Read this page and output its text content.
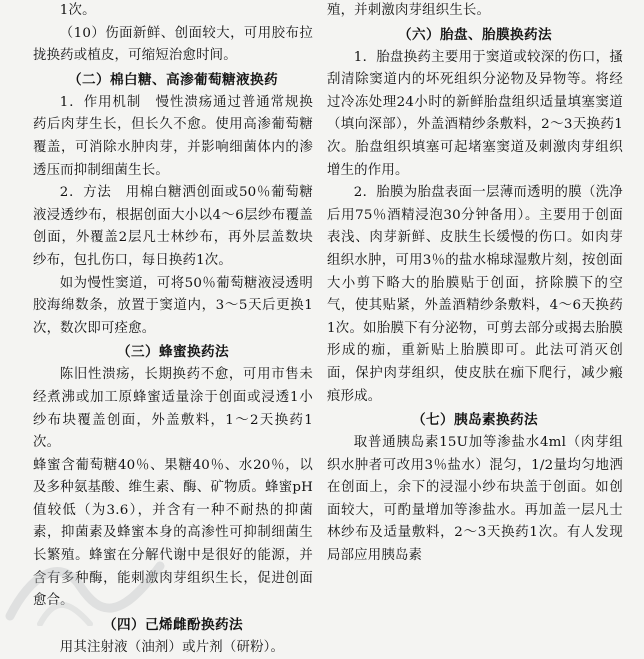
1次。

（10）伤面新鲜、创面较大，可用胶布拉拢换药或植皮，可缩短治愈时间。

（二）棉白糖、高渗葡萄糖液换药

1．作用机制　慢性溃疡通过普通常规换药后肉芽生长，但长久不愈。使用高渗葡萄糖覆盖，可消除水肿肉芽，并影响细菌体内的渗透压而抑制细菌生长。

2．方法　用棉白糖洒创面或50％葡萄糖液浸透纱布，根据创面大小以4～6层纱布覆盖创面，外覆盖2层凡士林纱布，再外层盖数块纱布，包扎伤口，每日换药1次。

如为慢性窦道，可将50％葡萄糖液浸透明胶海绵数条，放置于窦道内，3～5天后更换1次，数次即可痊愈。

（三）蜂蜜换药法

陈旧性溃疡，长期换药不愈，可用市售未经煮沸或加工原蜂蜜适量涂于创面或浸透1小纱布块覆盖创面，外盖敷料，1～2天换药1次。

蜂蜜含葡萄糖40％、果糖40％、水20％，以及多种氨基酸、维生素、酶、矿物质。蜂蜜pH值较低（为3.6），并含有一种不耐热的抑菌素，抑菌素及蜂蜜本身的高渗性可抑制细菌生长繁殖。蜂蜜在分解代谢中是很好的能源，并含有多种酶，能刺激肉芽组织生长，促进创面愈合。

（四）己烯雌酚换药法

用其注射液（油剂）或片剂（研粉）。

殖，并刺激肉芽组织生长。

（六）胎盘、胎膜换药法

1．胎盘换药主要用于窦道或较深的伤口，搔刮清除窦道内的坏死组织分泌物及异物等。将经过冷冻处理24小时的新鲜胎盘组织适量填塞窦道（填向深部），外盖酒精纱条敷料，2～3天换药1次。胎盘组织填塞可起堵塞窦道及刺激肉芽组织增生的作用。

2．胎膜为胎盘表面一层薄而透明的膜（洗净后用75％酒精浸泡30分钟备用）。主要用于创面表浅、肉芽新鲜、皮肤生长缓慢的伤口。如肉芽组织水肿，可用3％的盐水棉球湿敷片刻，按创面大小剪下略大的胎膜贴于创面，挤除膜下的空气，使其贴紧，外盖酒精纱条敷料，4～6天换药1次。如胎膜下有分泌物，可剪去部分或揭去胎膜形成的痂，重新贴上胎膜即可。此法可消灭创面，保护肉芽组织，使皮肤在痂下爬行，减少瘢痕形成。

（七）胰岛素换药法

取普通胰岛素15U加等渗盐水4ml（肉芽组织水肿者可改用3％盐水）混匀，1/2量均匀地洒在创面上，余下的浸湿小纱布块盖于创面。如创面较大，可酌量增加等渗盐水。再加盖一层凡士林纱布及适量敷料，2～3天换药1次。有人发现局部应用胰岛素
